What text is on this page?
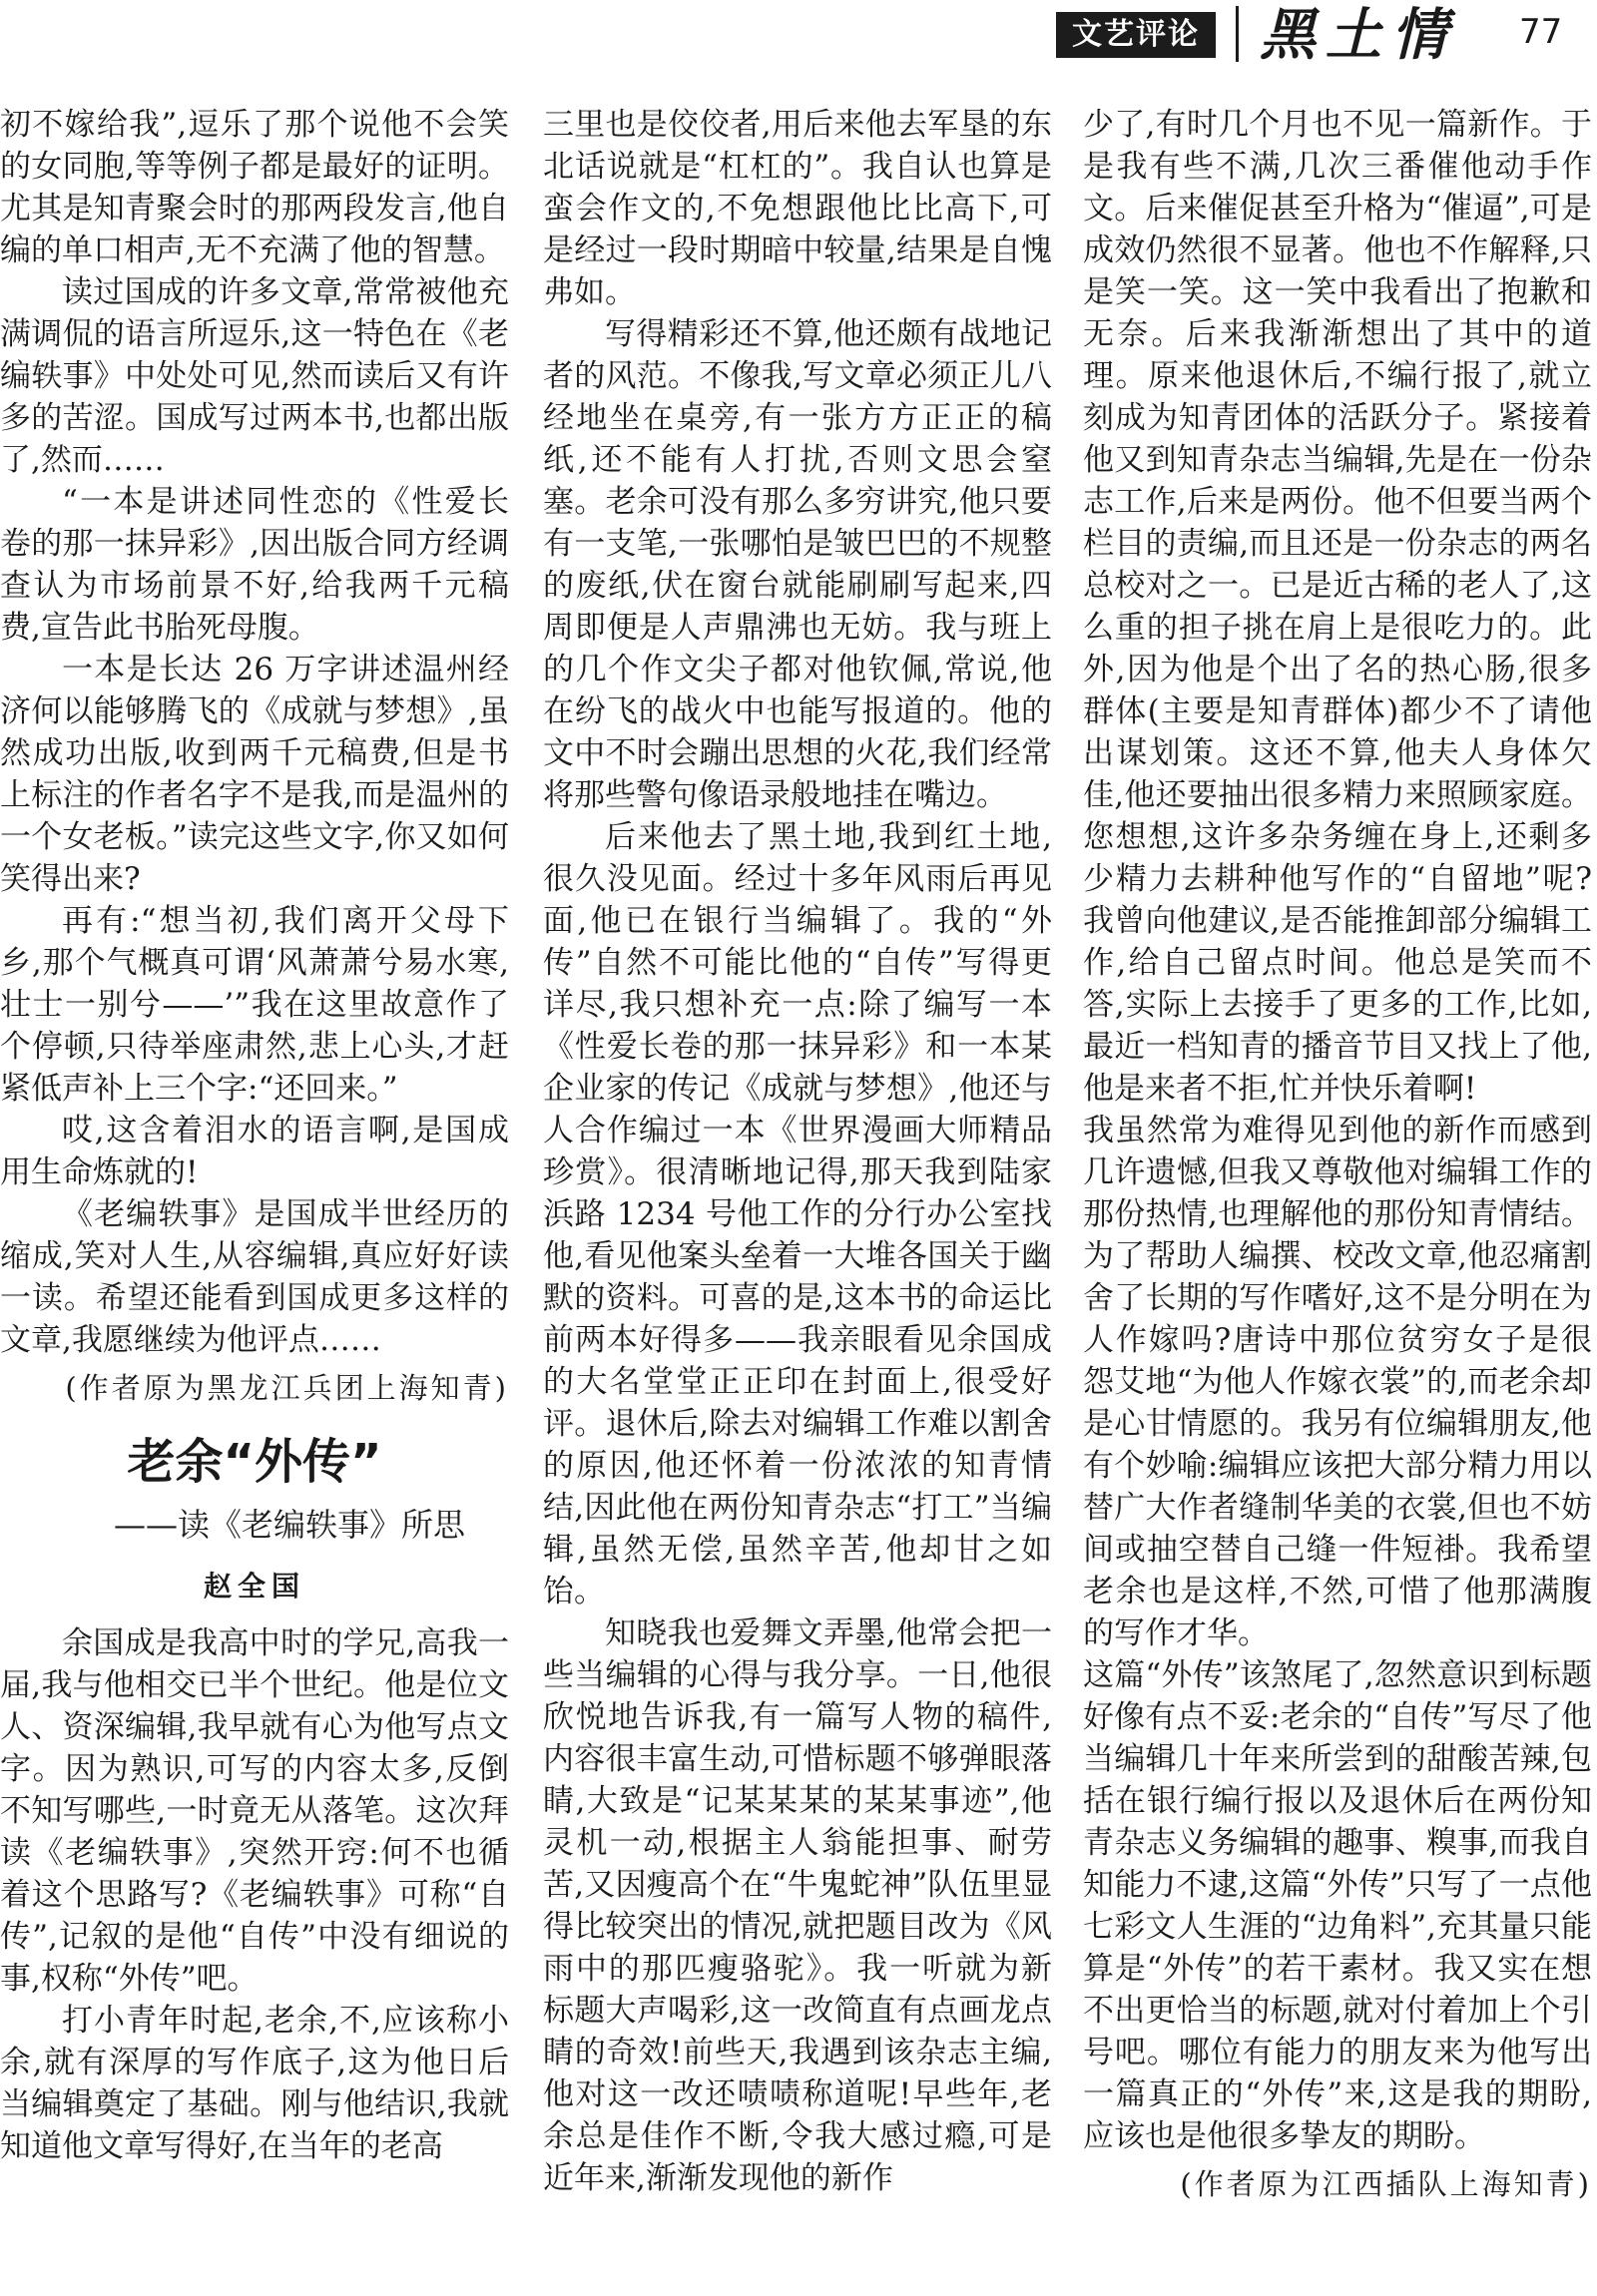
文艺评论 黑土情 77

初不嫁给我”,逗乐了那个说他不会笑的女同胞,等等例子都是最好的证明。尤其是知青聚会时的那两段发言,他自编的单口相声,无不充满了他的智慧。

读过国成的许多文章,常常被他充满调侃的语言所逗乐,这一特色在《老编轶事》中处处可见,然而读后又有许多的苦涩。国成写过两本书,也都出版了,然而……

“一本是讲述同性恋的《性爱长卷的那一抹异彩》,因出版合同方经调查认为市场前景不好,给我两千元稿费,宣告此书胎死母腹。

一本是长达 26 万字讲述温州经济何以能够腾飞的《成就与梦想》,虽然成功出版,收到两千元稿费,但是书上标注的作者名字不是我,而是温州的一个女老板。”读完这些文字,你又如何笑得出来?

再有:“想当初,我们离开父母下乡,那个气概真可谓‘风萧萧兮易水寒,壮士一别兮——’”我在这里故意作了个停顿,只待举座肃然,悲上心头,才赶紧低声补上三个字:“还回来。”

哎,这含着泪水的语言啊,是国成用生命炼就的!

《老编轶事》是国成半世经历的缩成,笑对人生,从容编辑,真应好好读一读。希望还能看到国成更多这样的文章,我愿继续为他评点……

(作者原为黑龙江兵团上海知青)
老余“外传”
——读《老编轶事》所思
赵全国

余国成是我高中时的学兄,高我一届,我与他相交已半个世纪。他是位文人、资深编辑,我早就有心为他写点文字。因为熟识,可写的内容太多,反倒不知写哪些,一时竟无从落笔。这次拜读《老编轶事》,突然开窍:何不也循着这个思路写?《老编轶事》可称“自传”,记叙的是他“自传”中没有细说的事,权称“外传”吧。

打小青年时起,老余,不,应该称小余,就有深厚的写作底子,这为他日后当编辑奠定了基础。刚与他结识,我就知道他文章写得好,在当年的老高

三里也是佼佼者,用后来他去军垦的东北话说就是“杠杠的”。我自认也算是蛮会作文的,不免想跟他比比高下,可是经过一段时期暗中较量,结果是自愧弗如。

写得精彩还不算,他还颇有战地记者的风范。不像我,写文章必须正儿八经地坐在桌旁,有一张方方正正的稿纸,还不能有人打扰,否则文思会窒塞。老余可没有那么多穷讲究,他只要有一支笔,一张哪怕是皱巴巴的不规整的废纸,伏在窗台就能刷刷写起来,四周即便是人声鼎沸也无妨。我与班上的几个作文尖子都对他钦佩,常说,他在纷飞的战火中也能写报道的。他的文中不时会蹦出思想的火花,我们经常将那些警句像语录般地挂在嘴边。

后来他去了黑土地,我到红土地,很久没见面。经过十多年风雨后再见面,他已在银行当编辑了。我的“外传”自然不可能比他的“自传”写得更详尽,我只想补充一点:除了编写一本《性爱长卷的那一抹异彩》和一本某企业家的传记《成就与梦想》,他还与人合作编过一本《世界漫画大师精品珍赏》。很清晰地记得,那天我到陆家浜路 1234 号他工作的分行办公室找他,看见他案头垒着一大堆各国关于幽默的资料。可喜的是,这本书的命运比前两本好得多——我亲眼看见余国成的大名堂堂正正印在封面上,很受好评。退休后,除去对编辑工作难以割舍的原因,他还怀着一份浓浓的知青情结,因此他在两份知青杂志“打工”当编辑,虽然无偿,虽然辛苦,他却甘之如饴。

知晓我也爱舞文弄墨,他常会把一些当编辑的心得与我分享。一日,他很欣悦地告诉我,有一篇写人物的稿件,内容很丰富生动,可惜标题不够弹眼落睛,大致是“记某某某的某某事迹”,他灵机一动,根据主人翁能担事、耐劳苦,又因瘦高个在“牛鬼蛇神”队伍里显得比较突出的情况,就把题目改为《风雨中的那匹瘦骆驼》。我一听就为新标题大声喝彩,这一改简直有点画龙点睛的奇效!前些天,我遇到该杂志主编,他对这一改还啧啧称道呢!早些年,老余总是佳作不断,令我大感过瘾,可是近年来,渐渐发现他的新作

少了,有时几个月也不见一篇新作。于是我有些不满,几次三番催他动手作文。后来催促甚至升格为“催逼”,可是成效仍然很不显著。他也不作解释,只是笑一笑。这一笑中我看出了抱歉和无奈。后来我渐渐想出了其中的道理。原来他退休后,不编行报了,就立刻成为知青团体的活跃分子。紧接着他又到知青杂志当编辑,先是在一份杂志工作,后来是两份。他不但要当两个栏目的责编,而且还是一份杂志的两名总校对之一。已是近古稀的老人了,这么重的担子挑在肩上是很吃力的。此外,因为他是个出了名的热心肠,很多群体(主要是知青群体)都少不了请他出谋划策。这还不算,他夫人身体欠佳,他还要抽出很多精力来照顾家庭。您想想,这许多杂务缠在身上,还剩多少精力去耕种他写作的“自留地”呢?我曾向他建议,是否能推卸部分编辑工作,给自己留点时间。他总是笑而不答,实际上去接手了更多的工作,比如,最近一档知青的播音节目又找上了他,他是来者不拒,忙并快乐着啊!

我虽然常为难得见到他的新作而感到几许遗憾,但我又尊敬他对编辑工作的那份热情,也理解他的那份知青情结。为了帮助人编撰、校改文章,他忍痛割舍了长期的写作嗜好,这不是分明在为人作嫁吗?唐诗中那位贫穷女子是很怨艾地“为他人作嫁衣裳”的,而老余却是心甘情愿的。我另有位编辑朋友,他有个妙喻:编辑应该把大部分精力用以替广大作者缝制华美的衣裳,但也不妨间或抽空替自己缝一件短褂。我希望老余也是这样,不然,可惜了他那满腹的写作才华。

这篇“外传”该煞尾了,忽然意识到标题好像有点不妥:老余的“自传”写尽了他当编辑几十年来所尝到的甜酸苦辣,包括在银行编行报以及退休后在两份知青杂志义务编辑的趣事、糗事,而我自知能力不逮,这篇“外传”只写了一点他七彩文人生涯的“边角料”,充其量只能算是“外传”的若干素材。我又实在想不出更恰当的标题,就对付着加上个引号吧。哪位有能力的朋友来为他写出一篇真正的“外传”来,这是我的期盼,应该也是他很多挚友的期盼。

(作者原为江西插队上海知青)
